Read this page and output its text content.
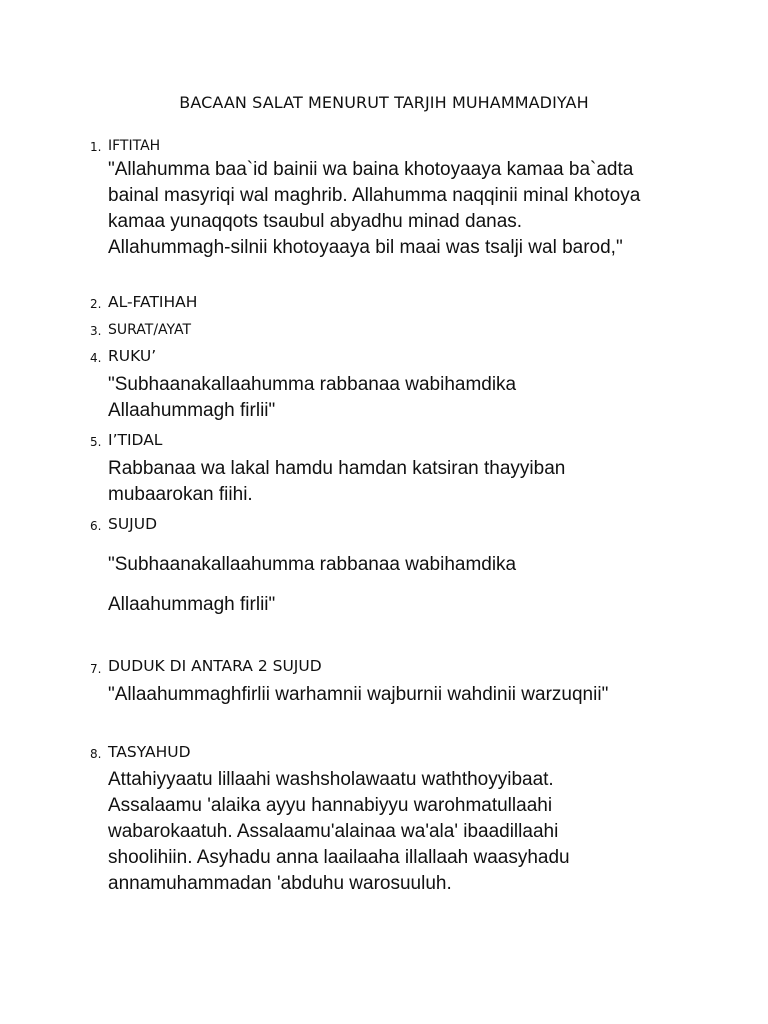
BACAAN SALAT MENURUT TARJIH MUHAMMADIYAH
1. IFTITAH
"Allahumma baa`id bainii wa baina khotoyaaya kamaa ba`adta
bainal masyriqi wal maghrib. Allahumma naqqinii minal khotoya
kamaa yunaqqots tsaubul abyadhu minad danas.
Allahummagh-silnii khotoyaaya bil maai was tsalji wal barod,"
2. AL-FATIHAH
3. SURAT/AYAT
4. RUKU’
"Subhaanakallaahumma rabbanaa wabihamdika
Allaahummagh firlii"
5. I’TIDAL
Rabbanaa wa lakal hamdu hamdan katsiran thayyiban
mubaarokan fiihi.
6. SUJUD
"Subhaanakallaahumma rabbanaa wabihamdika
Allaahummagh firlii"
7. DUDUK DI ANTARA 2 SUJUD
"Allaahummaghfirlii warhamnii wajburnii wahdinii warzuqnii"
8. TASYAHUD
Attahiyyaatu lillaahi washsholawaatu waththoyyibaat.
Assalaamu 'alaika ayyu hannabiyyu warohmatullaahi
wabarokaatuh. Assalaamu'alainaa wa'ala' ibaadillaahi
shoolihiin. Asyhadu anna laailaaha illallaah waasyhadu
annamuhammadan 'abduhu warosuuluh.
